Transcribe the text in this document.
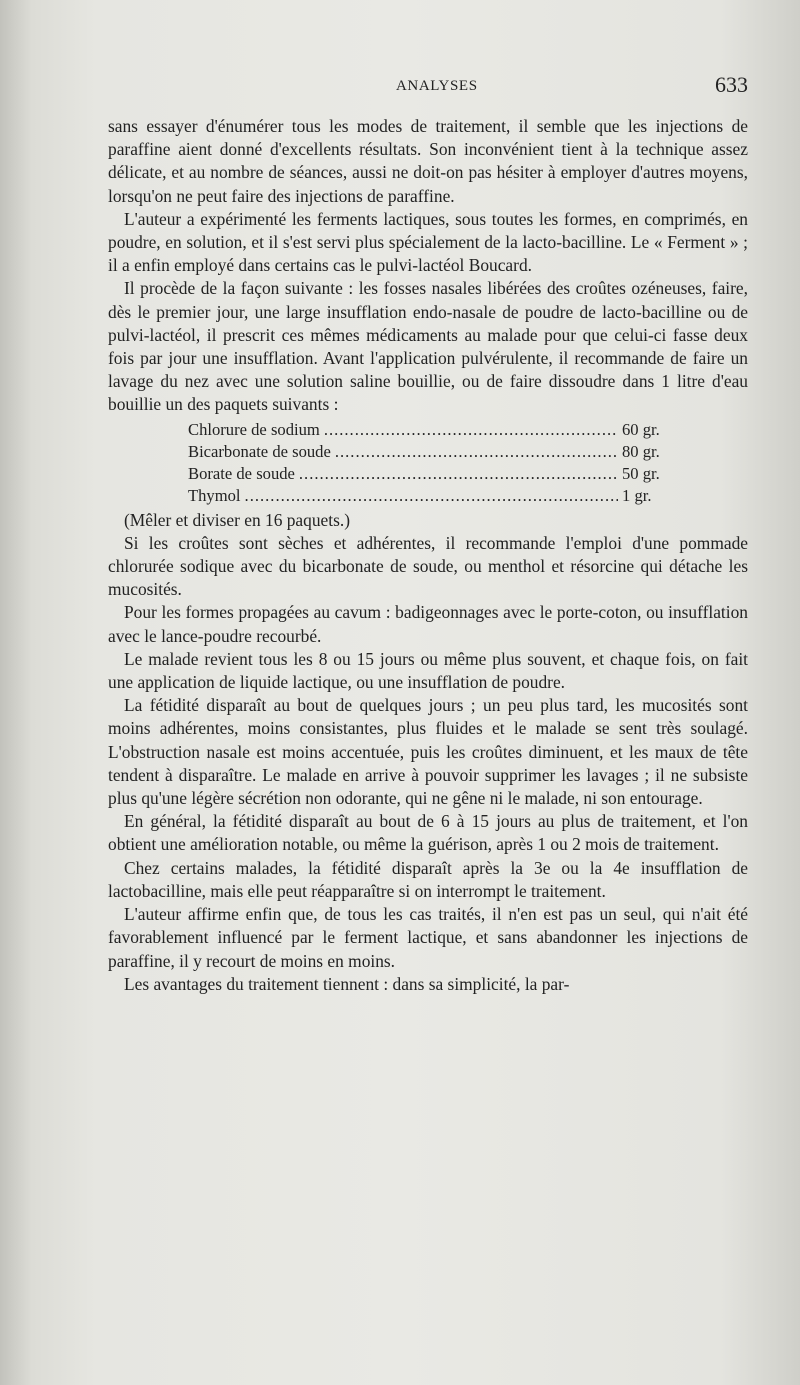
ANALYSES	633

sans essayer d'énumérer tous les modes de traitement, il semble que les injections de paraffine aient donné d'excellents résultats. Son inconvénient tient à la technique assez délicate, et au nombre de séances, aussi ne doit-on pas hésiter à employer d'autres moyens, lorsqu'on ne peut faire des injections de paraffine.

L'auteur a expérimenté les ferments lactiques, sous toutes les formes, en comprimés, en poudre, en solution, et il s'est servi plus spécialement de la lacto-bacilline. Le « Ferment » ; il a enfin employé dans certains cas le pulvi-lactéol Boucard.

Il procède de la façon suivante : les fosses nasales libérées des croûtes ozéneuses, faire, dès le premier jour, une large insufflation endo-nasale de poudre de lacto-bacilline ou de pulvi-lactéol, il prescrit ces mêmes médicaments au malade pour que celui-ci fasse deux fois par jour une insufflation. Avant l'application pulvérulente, il recommande de faire un lavage du nez avec une solution saline bouillie, ou de faire dissoudre dans 1 litre d'eau bouillie un des paquets suivants :

Chlorure de sodium .....	60 gr.
Bicarbonate de soude .....	80 gr.
Borate de soude .....	50 gr.
Thymol .....	1 gr.

(Mêler et diviser en 16 paquets.)

Si les croûtes sont sèches et adhérentes, il recommande l'emploi d'une pommade chlorurée sodique avec du bicarbonate de soude, ou menthol et résorcine qui détache les mucosités.

Pour les formes propagées au cavum : badigeonnages avec le porte-coton, ou insufflation avec le lance-poudre recourbé.

Le malade revient tous les 8 ou 15 jours ou même plus souvent, et chaque fois, on fait une application de liquide lactique, ou une insufflation de poudre.

La fétidité disparaît au bout de quelques jours ; un peu plus tard, les mucosités sont moins adhérentes, moins consistantes, plus fluides et le malade se sent très soulagé. L'obstruction nasale est moins accentuée, puis les croûtes diminuent, et les maux de tête tendent à disparaître. Le malade en arrive à pouvoir supprimer les lavages ; il ne subsiste plus qu'une légère sécrétion non odorante, qui ne gêne ni le malade, ni son entourage.

En général, la fétidité disparaît au bout de 6 à 15 jours au plus de traitement, et l'on obtient une amélioration notable, ou même la guérison, après 1 ou 2 mois de traitement.

Chez certains malades, la fétidité disparaît après la 3e ou la 4e insufflation de lactobacilline, mais elle peut réapparaître si on interrompt le traitement.

L'auteur affirme enfin que, de tous les cas traités, il n'en est pas un seul, qui n'ait été favorablement influencé par le ferment lactique, et sans abandonner les injections de paraffine, il y recourt de moins en moins.

Les avantages du traitement tiennent : dans sa simplicité, la par-
